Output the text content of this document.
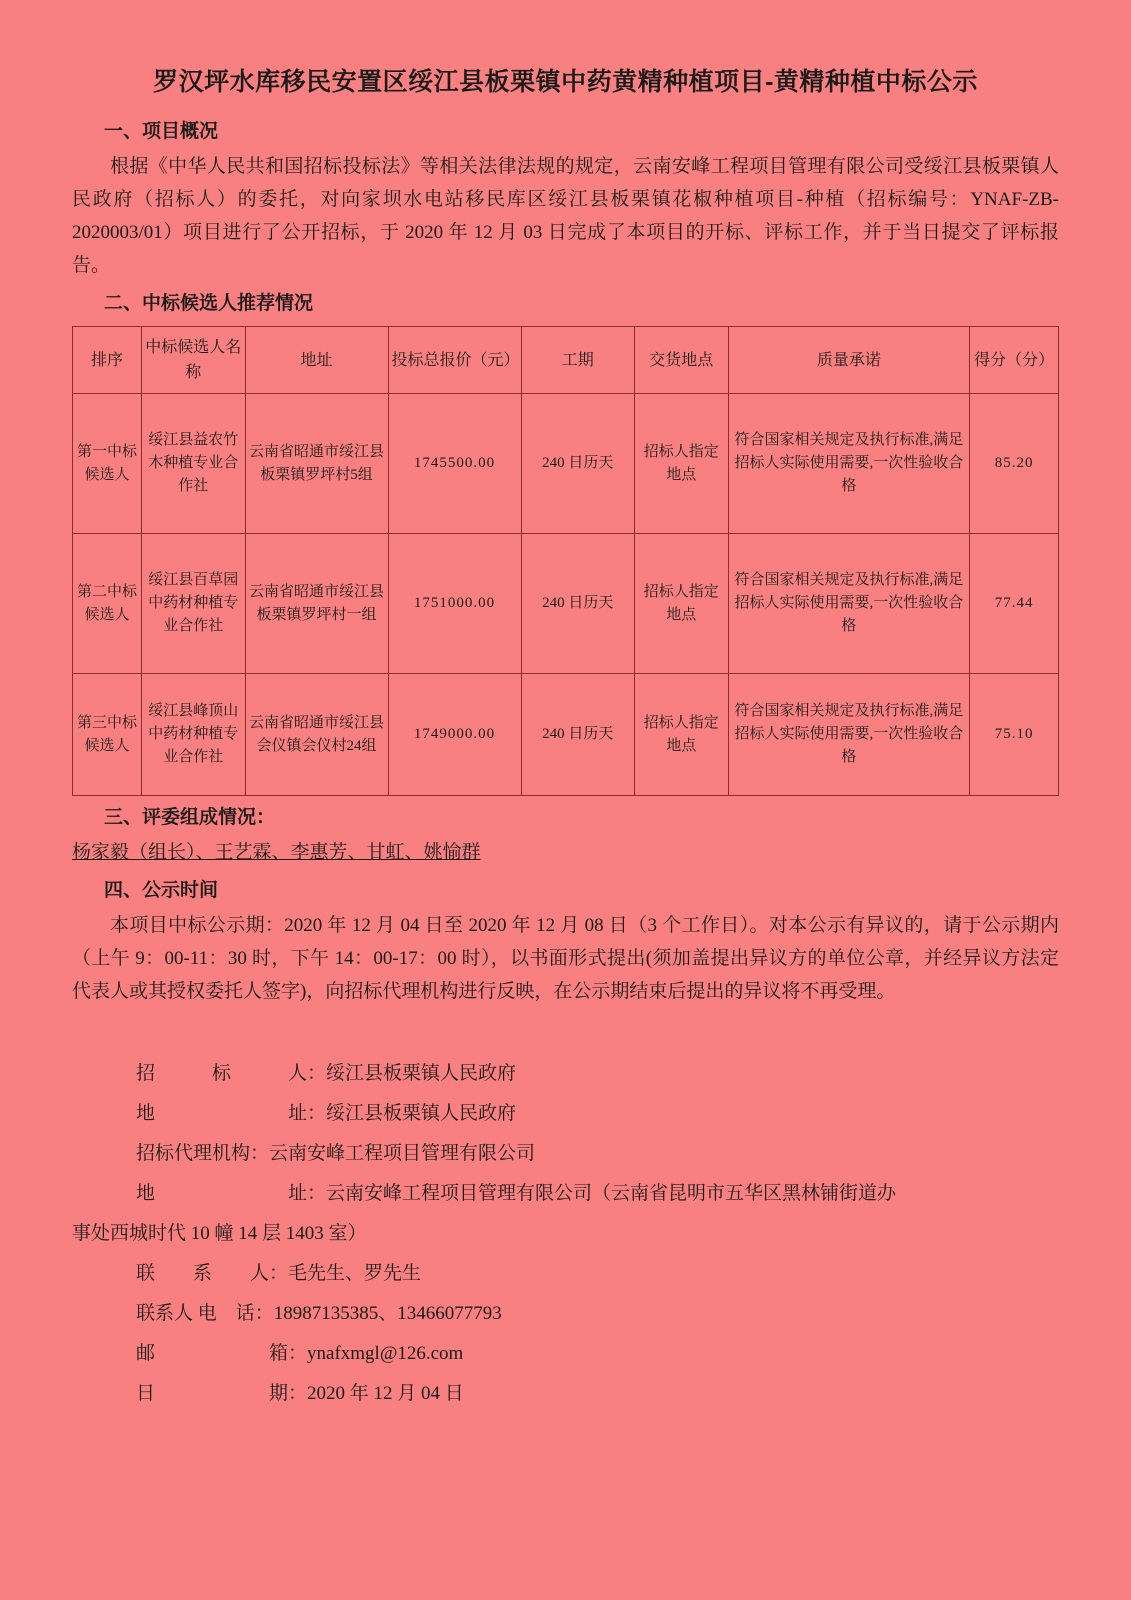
罗汉坪水库移民安置区绥江县板栗镇中药黄精种植项目-黄精种植中标公示
一、项目概况

根据《中华人民共和国招标投标法》等相关法律法规的规定，云南安峰工程项目管理有限公司受绥江县板栗镇人民政府（招标人）的委托，对向家坝水电站移民库区绥江县板栗镇花椒种植项目-种植（招标编号：YNAF-ZB-2020003/01）项目进行了公开招标，于 2020 年 12 月 03 日完成了本项目的开标、评标工作，并于当日提交了评标报告。

二、中标候选人推荐情况
排序	中标候选人名称	地址	投标总报价（元）	工期	交货地点	质量承诺	得分（分）
第一中标候选人	绥江县益农竹木种植专业合作社	云南省昭通市绥江县板栗镇罗坪村5组	1745500.00	240 日历天	招标人指定地点	符合国家相关规定及执行标准,满足招标人实际使用需要,一次性验收合格	85.20
第二中标候选人	绥江县百草园中药材种植专业合作社	云南省昭通市绥江县板栗镇罗坪村一组	1751000.00	240 日历天	招标人指定地点	符合国家相关规定及执行标准,满足招标人实际使用需要,一次性验收合格	77.44
第三中标候选人	绥江县峰顶山中药材种植专业合作社	云南省昭通市绥江县会仪镇会仪村24组	1749000.00	240 日历天	招标人指定地点	符合国家相关规定及执行标准,满足招标人实际使用需要,一次性验收合格	75.10
三、评委组成情况：
杨家毅（组长）、王艺霖、李惠芳、甘虹、姚愉群
四、公示时间

本项目中标公示期：2020 年 12 月 04 日至 2020 年 12 月 08 日（3 个工作日）。对本公示有异议的，请于公示期内（上午 9：00-11：30 时，下午 14：00-17：00 时），以书面形式提出(须加盖提出异议方的单位公章，并经异议方法定代表人或其授权委托人签字)，向招标代理机构进行反映，在公示期结束后提出的异议将不再受理。

招　　　标　　　人：绥江县板栗镇人民政府
地　　　　　　　址：绥江县板栗镇人民政府
招标代理机构：云南安峰工程项目管理有限公司
地　　　　　　　址：云南安峰工程项目管理有限公司（云南省昆明市五华区黑林铺街道办

事处西城时代 10 幢 14 层 1403 室）

联　　系　　人：毛先生、罗先生
联系人 电　话：18987135385、13466077793
邮　　　　　　箱：ynafxmgl@126.com
日　　　　　　期：2020 年 12 月 04 日
